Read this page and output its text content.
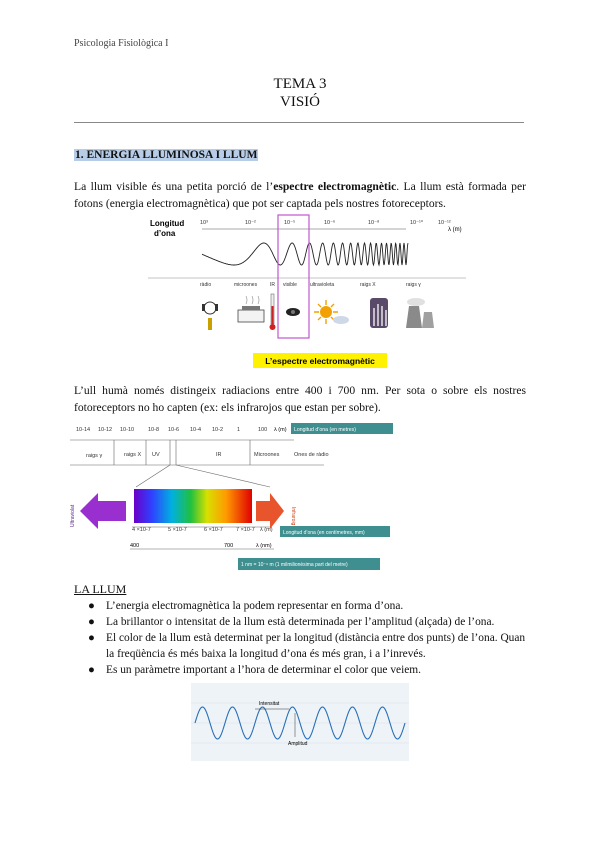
Psicologia Fisiològica I
TEMA 3
VISIÓ
1. ENERGIA LLUMINOSA I LLUM
La llum visible és una petita porció de l’espectre electromagnètic. La llum està formada per fotons (energia electromagnètica) que pot ser captada pels nostres fotoreceptors.
Longitud
d’ona
10³	10⁻²	10⁻⁵	10⁻⁶	10⁻⁸	10⁻¹⁰	10⁻¹²
λ (m)
ràdio	microones	IR visible	ultravioleta	raigs X	raigs γ
L’espectre electromagnètic
L’ull humà només distingeix radiacions entre 400 i 700 nm. Per sota o sobre els nostres fotoreceptors no ho capten (ex: els infrarojos que estan per sobre).
10-14 10-12 10-10	10-8 10-6 10-4 10-2	1	100 λ (m) Longitud d’ona (en metres)
raigs γ	raigs X UV	IR	Microones	Ones de ràdio
Ultraviolat	Infraroig
4 ×10-7	5 ×10-7	6 ×10-7 7 ×10-7 λ (m) Longitud d’ona (en centímetres, mm)
400	700	λ (nm)
1 nm = 10⁻⁹ m (1 milmilionèsima part del metre)
LA LLUM
● L’energia electromagnètica la podem representar en forma d’ona.
● La brillantor o intensitat de la llum està determinada per l’amplitud (alçada) de l’ona.
● El color de la llum està determinat per la longitud (distància entre dos punts) de l’ona. Quan la freqüència és més baixa la longitud d’ona és més gran, i a l’inrevés.
● Es un paràmetre important a l’hora de determinar el color que veiem.
Intensitat
Amplitud
